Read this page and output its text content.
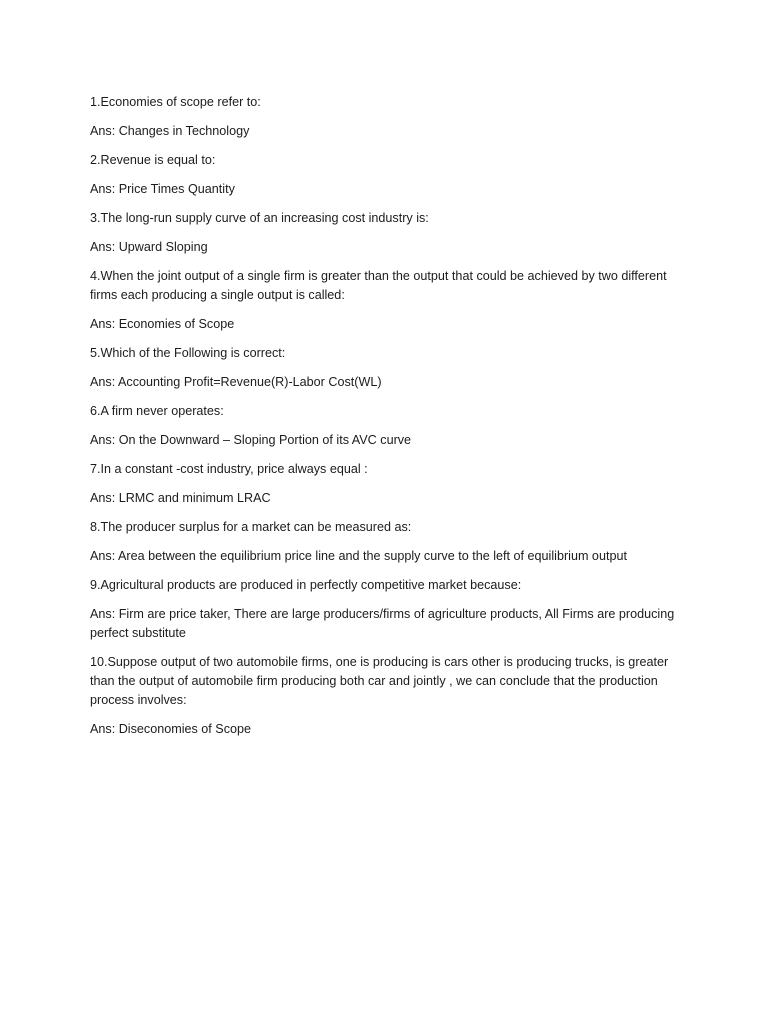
1.Economies of scope refer to:

Ans: Changes in Technology

2.Revenue is equal to:

Ans: Price Times Quantity

3.The long-run supply curve of an increasing cost industry is:

Ans: Upward Sloping

4.When the joint output of a single firm is greater than the output that could be achieved by two different firms each producing a single output is called:

Ans: Economies of Scope

5.Which of the Following is correct:

Ans: Accounting Profit=Revenue(R)-Labor Cost(WL)

6.A firm never operates:

Ans: On the Downward – Sloping Portion of its AVC curve

7.In a constant -cost industry, price always equal :

Ans: LRMC and minimum LRAC

8.The producer surplus for a market can be measured as:

Ans: Area between the equilibrium price line and the supply curve to the left of equilibrium output

9.Agricultural products are produced in perfectly competitive market because:

Ans: Firm are price taker, There are large producers/firms of agriculture products, All Firms are producing perfect substitute

10.Suppose output of two automobile firms, one is producing is cars other is producing trucks, is greater than the output of automobile firm producing both car and jointly , we can conclude that the production process involves:

Ans: Diseconomies of Scope
